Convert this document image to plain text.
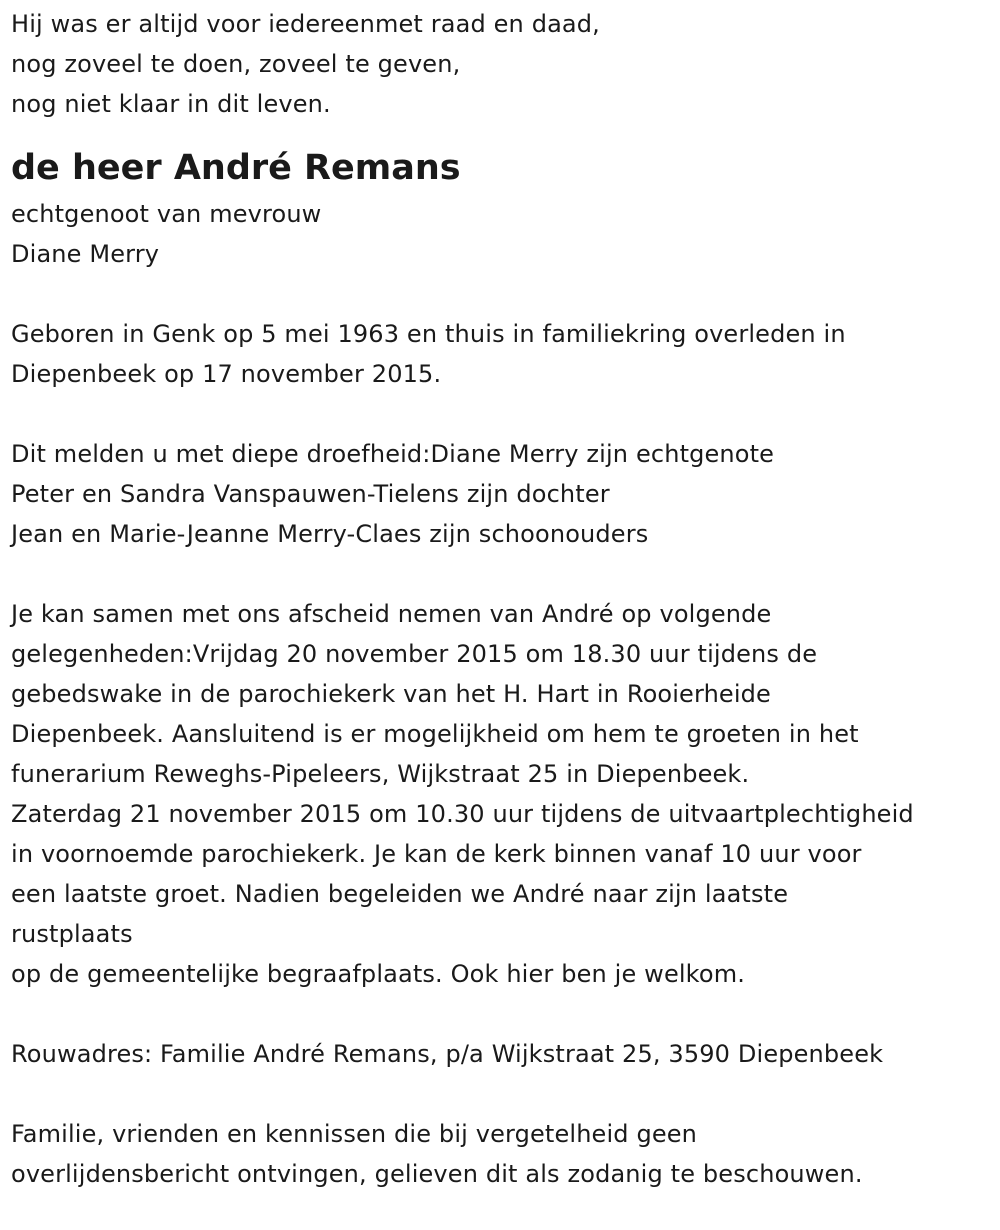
Hij was er altijd voor iedereenmet raad en daad,
nog zoveel te doen, zoveel te geven,
nog niet klaar in dit leven.
de heer André Remans
echtgenoot van mevrouw
Diane Merry
Geboren in Genk op 5 mei 1963 en thuis in familiekring overleden in
Diepenbeek op 17 november 2015.
Dit melden u met diepe droefheid:Diane Merry zijn echtgenote
Peter en Sandra Vanspauwen-Tielens zijn dochter
Jean en Marie-Jeanne Merry-Claes zijn schoonouders
Je kan samen met ons afscheid nemen van André op volgende
gelegenheden:Vrijdag 20 november 2015 om 18.30 uur tijdens de
gebedswake in de parochiekerk van het H. Hart in Rooierheide
Diepenbeek. Aansluitend is er mogelijkheid om hem te groeten in het
funerarium Reweghs-Pipeleers, Wijkstraat 25 in Diepenbeek.
Zaterdag 21 november 2015 om 10.30 uur tijdens de uitvaartplechtigheid
in voornoemde parochiekerk. Je kan de kerk binnen vanaf 10 uur voor
een laatste groet. Nadien begeleiden we André naar zijn laatste
rustplaats
op de gemeentelijke begraafplaats. Ook hier ben je welkom.
Rouwadres: Familie André Remans, p/a Wijkstraat 25, 3590 Diepenbeek
Familie, vrienden en kennissen die bij vergetelheid geen
overlijdensbericht ontvingen, gelieven dit als zodanig te beschouwen.
